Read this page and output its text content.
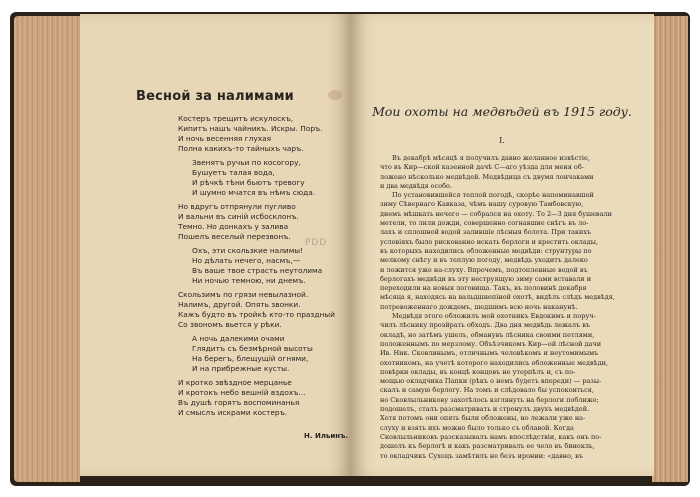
Весной за налимами
Костеръ трещитъ искулоскъ,
Кипитъ нашъ чайникъ. Искры. Поръ.
И ночь весенняя глухая
Полна какихъ-то тайныхъ чаръ.
Звенятъ ручьи по косогору,
Бушуетъ талая вода,
И рѣчкѣ тѣни бьютъ тревогу
И шумно мчатся въ нѣмъ сюда.
Но вдругъ отпрянули пугливо
И вальни въ синій исбосклонъ.
Темно. Но донкахъ у залива
Пошелъ веселый перезвонъ.
Охъ, эти скользкие налимы!
Но дѣлать нечего, насмъ,—
Въ ваше твое страсть неутолима
Ни ночью темною, ни днемъ.
Скользимъ по грязи невылазной.
Налимъ, другой. Опять звонки.
Кажъ будто въ тройкѣ кто-то праздный
Со звономъ вьется у рѣки.
А ночь далекими очами
Глядитъ съ безмѣрной высоты
На берегъ, блещущій огнями,
И на прибрежные кусты.
И кротко звѣздное мерцанье
И кротокъ небо вешній вздохъ...
Въ душѣ горятъ воспоминанья
И смыслъ искрами костеръ.
Н. Ильинъ.
Мои охоты на медвѣдей въ 1915 году.
I.
Въ декабрѣ мѣсяцѣ я получилъ давно желанное извѣстіе,
что въ Кир—ской казенной дачѣ С—аго уѣзда для меня об-
ложено нѣсколько медвѣдей. Медвѣдица съ двумя лончаками
и два медвѣдя особо.
По установившейся теплой погодѣ, скорѣе напоминавшей
зиму Сѣвернаго Кавказа, чѣмъ нашу суровую Тамбовскую,
днемъ мѣшкать нечего — собрался на охоту. То 2—3 дня бушевали
метели, то лили дожди, совершенно согнавшие снѣгъ въ ло-
лахъ и сплошной водой залившіе лѣсныя болота. При такихъ
условіяхъ было рискованно искать берлоги и крестить оклады,
въ которыхъ находились обложенные медвѣди: струнтуры по
мелкому снѣгу и въ теплую погоду, медвѣдь уходитъ далеко
и ложится уже на-слуху. Впрочемъ, подтопленные водой въ
берлогахъ медвѣди въ эту неструящую зиму сами вставали и
переходили на новыя логовища. Такъ, въ половинѣ декабря
мѣсяца я, находясь на вальдшнепіной охотѣ, видѣлъ слѣдъ медвѣдя,
потревоженнаго дождемъ, шедшимъ всю ночь наканунѣ.
Медвѣдя этого обложилъ мой охотникъ Евдокимъ и поруч-
чилъ лѣснику проэйрать обходъ. Два дня медвѣдь лежалъ въ
окладѣ, но затѣмъ ушелъ, обманувъ лѣсника своими петлями,
положеннымъ по мерзлому. Объѣзчикомъ Кир—ой лѣсной дачи
Ив. Ник. Сковлинымъ, отличнымъ человѣкомъ и неутомимымъ
охотникомъ, на учетѣ которого находились обложенные медвѣди,
повѣрки оклады, въ концѣ концовъ не утерпѣлъ и, съ по-
мощью окладчика Папки (рѣкъ о немъ будетъ впереди) — разы-
скалъ и самую берлогу. На томъ и слѣдовало бы успокоиться,
но Сковлыльникову захотѣлось взглянуть на берлоги поближе;
подошелъ, сталъ разсматривать и стронулъ двухъ медвѣдей.
Хотя потомъ они опять были обложены, но лежали уже на-
слуху и взять ихъ можно было только съ облавой. Когда
Сковлыльниковъ разсказывалъ намъ впослѣдствіи, какъ онъ по-
дошелъ къ берлогѣ и какъ разсматривалъ ее чело въ бинокль,
то окладчикъ Сухоцъ замѣтилъ не безъ иронии: «давно, въ
PDD
